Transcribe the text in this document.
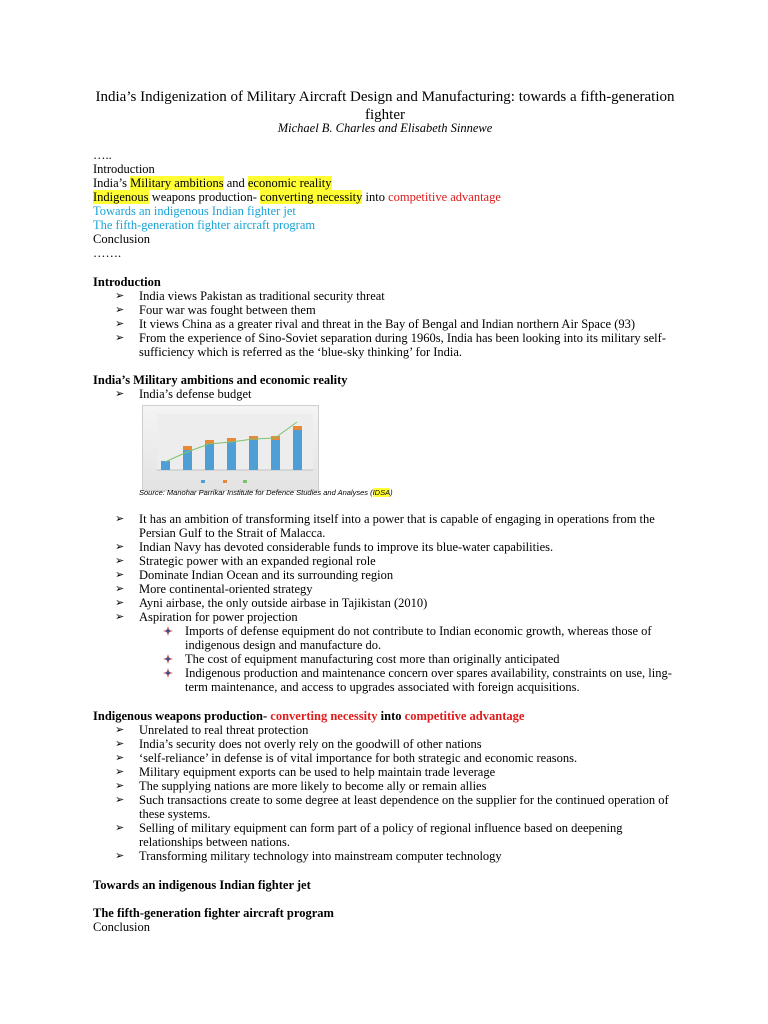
India’s Indigenization of Military Aircraft Design and Manufacturing: towards a fifth-generation fighter
Michael B. Charles and Elisabeth Sinnewe
…..
Introduction
India’s Military ambitions and economic reality
Indigenous weapons production- converting necessity into competitive advantage
Towards an indigenous Indian fighter jet
The fifth-generation fighter aircraft program
Conclusion
…….
Introduction
➢ India views Pakistan as traditional security threat
➢ Four war was fought between them
➢ It views China as a greater rival and threat in the Bay of Bengal and Indian northern Air Space (93)
➢ From the experience of Sino-Soviet separation during 1960s, India has been looking into its military self-sufficiency which is referred as the ‘blue-sky thinking’ for India.
India’s Military ambitions and economic reality
➢ India’s defense budget
Source: Manohar Parrikar Institute for Defence Studies and Analyses (IDSA)
➢ It has an ambition of transforming itself into a power that is capable of engaging in operations from the Persian Gulf to the Strait of Malacca.
➢ Indian Navy has devoted considerable funds to improve its blue-water capabilities.
➢ Strategic power with an expanded regional role
➢ Dominate Indian Ocean and its surrounding region
➢ More continental-oriented strategy
➢ Ayni airbase, the only outside airbase in Tajikistan (2010)
➢ Aspiration for power projection
Imports of defense equipment do not contribute to Indian economic growth, whereas those of indigenous design and manufacture do.
The cost of equipment manufacturing cost more than originally anticipated
Indigenous production and maintenance concern over spares availability, constraints on use, ling-term maintenance, and access to upgrades associated with foreign acquisitions.
Indigenous weapons production- converting necessity into competitive advantage
➢ Unrelated to real threat protection
➢ India’s security does not overly rely on the goodwill of other nations
➢ ‘self-reliance’ in defense is of vital importance for both strategic and economic reasons.
➢ Military equipment exports can be used to help maintain trade leverage
➢ The supplying nations are more likely to become ally or remain allies
➢ Such transactions create to some degree at least dependence on the supplier for the continued operation of these systems.
➢ Selling of military equipment can form part of a policy of regional influence based on deepening relationships between nations.
➢ Transforming military technology into mainstream computer technology
Towards an indigenous Indian fighter jet
The fifth-generation fighter aircraft program
Conclusion
